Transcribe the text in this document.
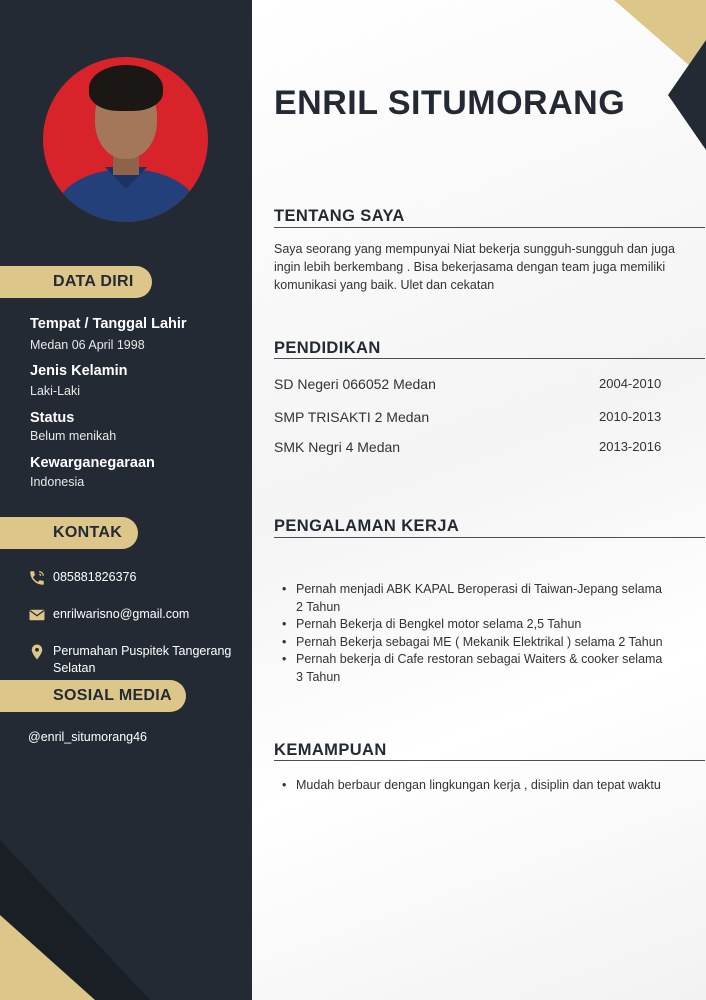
DATA DIRI
Tempat / Tanggal Lahir
Medan 06 April 1998
Jenis Kelamin
Laki-Laki
Status
Belum menikah
Kewarganegaraan
Indonesia
KONTAK
085881826376
enrilwarisno@gmail.com
Perumahan Puspitek Tangerang
Selatan
SOSIAL MEDIA
@enril_situmorang46
ENRIL SITUMORANG
TENTANG SAYA
Saya seorang yang mempunyai Niat bekerja sungguh-sungguh dan juga ingin lebih berkembang . Bisa bekerjasama dengan team juga memiliki komunikasi yang baik. Ulet dan cekatan
PENDIDIKAN
SD Negeri 066052 Medan	2004-2010
SMP TRISAKTI 2 Medan	2010-2013
SMK Negri 4 Medan	2013-2016
PENGALAMAN KERJA
• Pernah menjadi ABK KAPAL Beroperasi di Taiwan-Jepang selama 2 Tahun
• Pernah Bekerja di Bengkel motor selama 2,5 Tahun
• Pernah Bekerja sebagai ME ( Mekanik Elektrikal ) selama 2 Tahun
• Pernah bekerja di Cafe restoran sebagai Waiters & cooker selama 3 Tahun
KEMAMPUAN
• Mudah berbaur dengan lingkungan kerja , disiplin dan tepat waktu
